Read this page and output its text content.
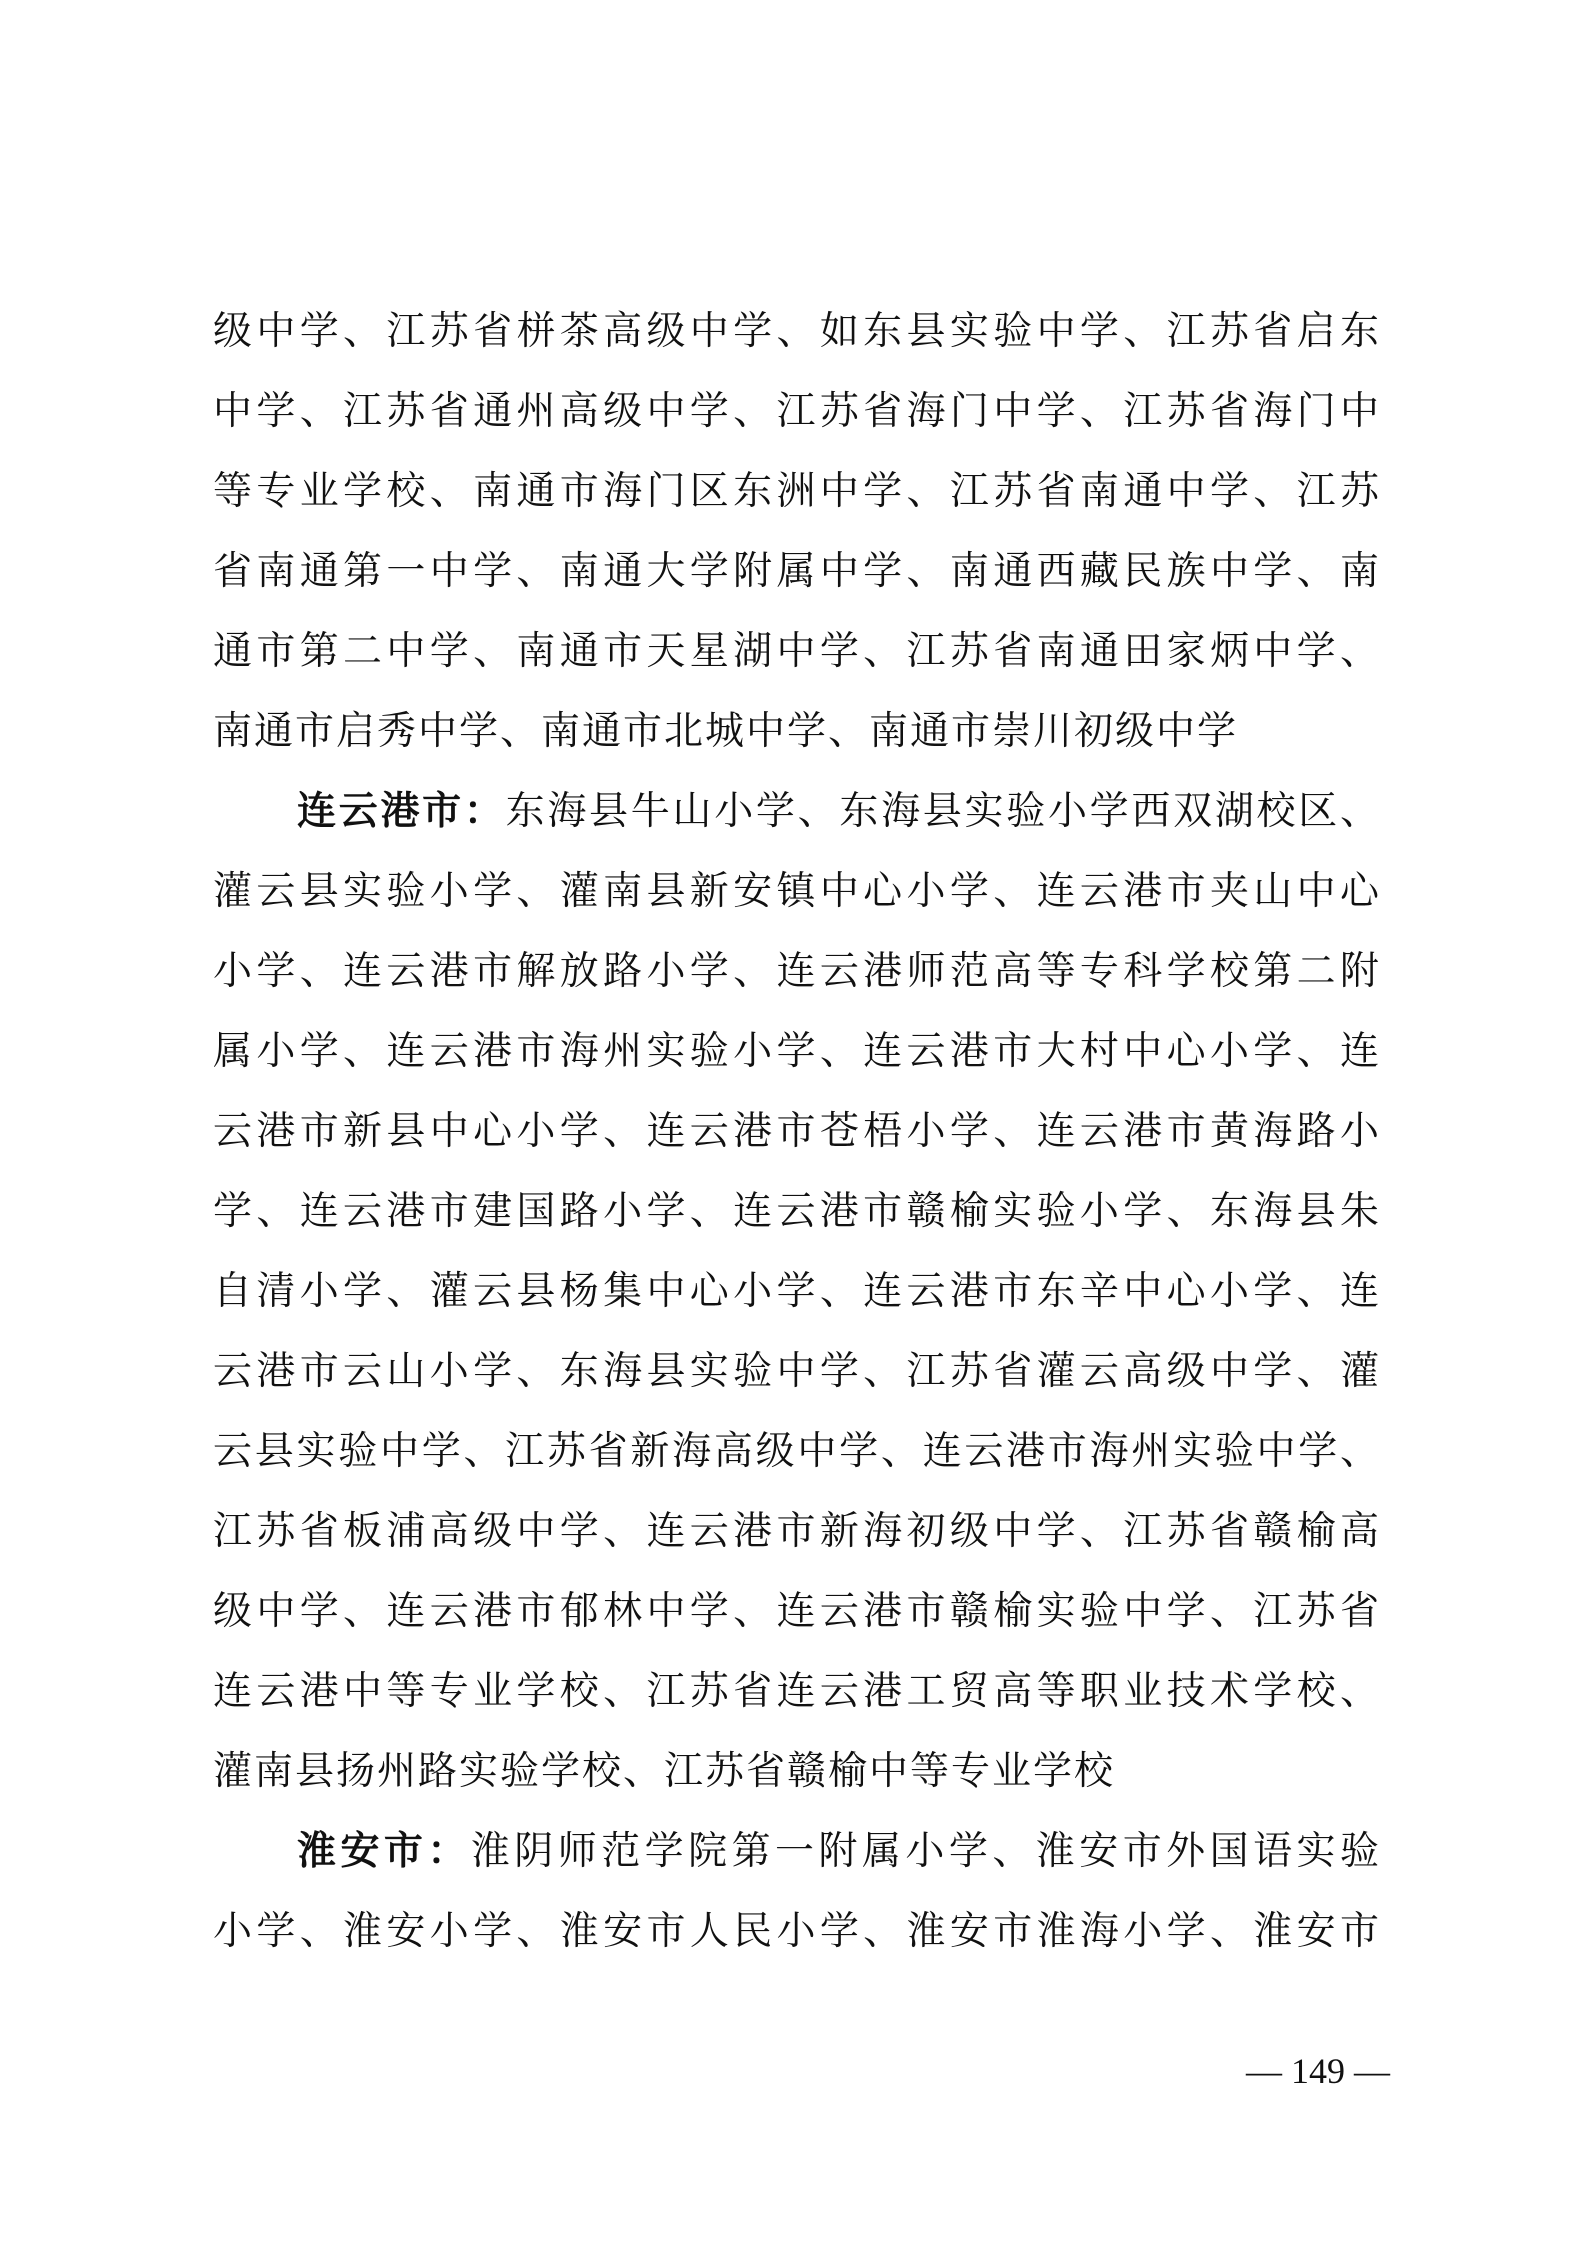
级中学、江苏省栟茶高级中学、如东县实验中学、江苏省启东
中学、江苏省通州高级中学、江苏省海门中学、江苏省海门中
等专业学校、南通市海门区东洲中学、江苏省南通中学、江苏
省南通第一中学、南通大学附属中学、南通西藏民族中学、南
通市第二中学、南通市天星湖中学、江苏省南通田家炳中学、
南通市启秀中学、南通市北城中学、南通市崇川初级中学
连云港市：东海县牛山小学、东海县实验小学西双湖校区、
灌云县实验小学、灌南县新安镇中心小学、连云港市夹山中心
小学、连云港市解放路小学、连云港师范高等专科学校第二附
属小学、连云港市海州实验小学、连云港市大村中心小学、连
云港市新县中心小学、连云港市苍梧小学、连云港市黄海路小
学、连云港市建国路小学、连云港市赣榆实验小学、东海县朱
自清小学、灌云县杨集中心小学、连云港市东辛中心小学、连
云港市云山小学、东海县实验中学、江苏省灌云高级中学、灌
云县实验中学、江苏省新海高级中学、连云港市海州实验中学、
江苏省板浦高级中学、连云港市新海初级中学、江苏省赣榆高
级中学、连云港市郁林中学、连云港市赣榆实验中学、江苏省
连云港中等专业学校、江苏省连云港工贸高等职业技术学校、
灌南县扬州路实验学校、江苏省赣榆中等专业学校
淮安市：淮阴师范学院第一附属小学、淮安市外国语实验
小学、淮安小学、淮安市人民小学、淮安市淮海小学、淮安市
— 149 —
